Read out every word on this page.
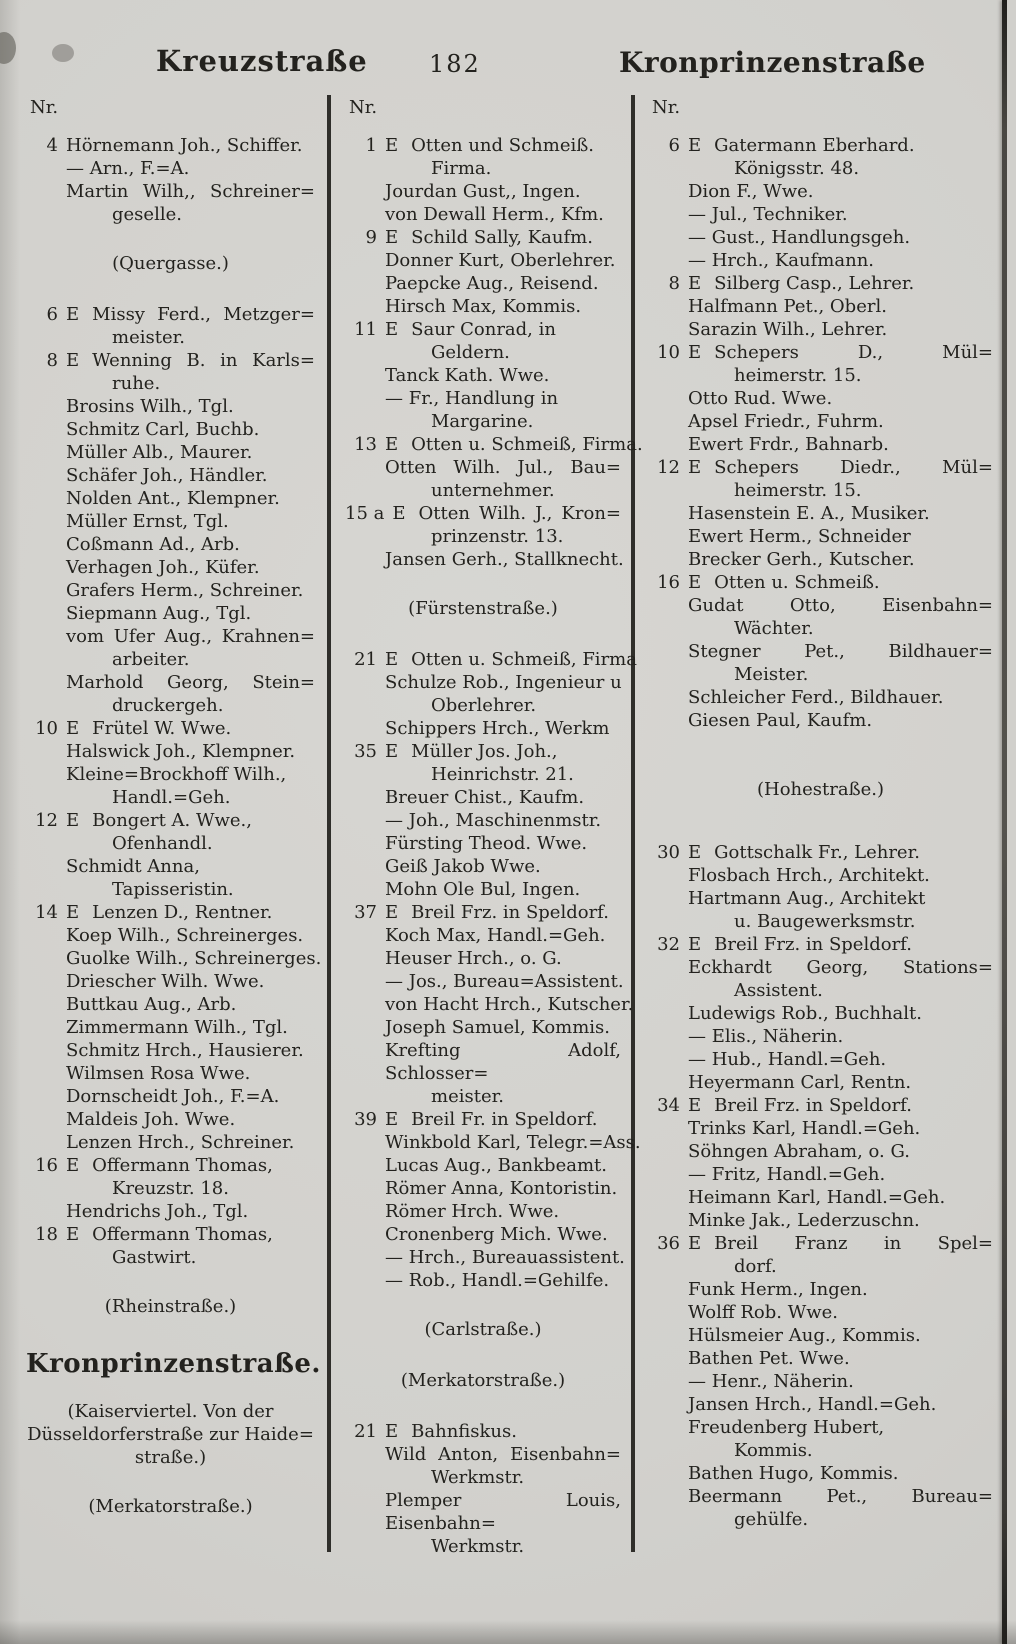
Kreuzstraße	182	Kronprinzenstraße
Nr.
4 Hörnemann Joh., Schiffer.
— Arn., F.=A.
Martin Wilh,, Schreiner=
geselle.
(Quergasse.)
6 E Missy Ferd., Metzger=
meister.
8 E Wenning B. in Karls=
ruhe.
Brosins Wilh., Tgl.
Schmitz Carl, Buchb.
Müller Alb., Maurer.
Schäfer Joh., Händler.
Nolden Ant., Klempner.
Müller Ernst, Tgl.
Coßmann Ad., Arb.
Verhagen Joh., Küfer.
Grafers Herm., Schreiner.
Siepmann Aug., Tgl.
vom Ufer Aug., Krahnen=
arbeiter.
Marhold Georg, Stein=
druckergeh.
10 E Frütel W. Wwe.
Halswick Joh., Klempner.
Kleine=Brockhoff Wilh.,
Handl.=Geh.
12 E Bongert A. Wwe.,
Ofenhandl.
Schmidt Anna,
Tapisseristin.
14 E Lenzen D., Rentner.
Koep Wilh., Schreinerges.
Guolke Wilh., Schreinerges.
Driescher Wilh. Wwe.
Buttkau Aug., Arb.
Zimmermann Wilh., Tgl.
Schmitz Hrch., Hausierer.
Wilmsen Rosa Wwe.
Dornscheidt Joh., F.=A.
Maldeis Joh. Wwe.
Lenzen Hrch., Schreiner.
16 E Offermann Thomas,
Kreuzstr. 18.
Hendrichs Joh., Tgl.
18 E Offermann Thomas,
Gastwirt.
(Rheinstraße.)
Kronprinzenstraße.
(Kaiserviertel. Von der
Düsseldorferstraße zur Haide=
straße.)
(Merkatorstraße.)
Nr.
1 E Otten und Schmeiß.
Firma.
Jourdan Gust,, Ingen.
von Dewall Herm., Kfm.
9 E Schild Sally, Kaufm.
Donner Kurt, Oberlehrer.
Paepcke Aug., Reisend.
Hirsch Max, Kommis.
11 E Saur Conrad, in
Geldern.
Tanck Kath. Wwe.
— Fr., Handlung in
Margarine.
13 E Otten u. Schmeiß, Firma.
Otten Wilh. Jul., Bau=
unternehmer.
15 a E Otten Wilh. J., Kron=
prinzenstr. 13.
Jansen Gerh., Stallknecht.
(Fürstenstraße.)
21 E Otten u. Schmeiß, Firma
Schulze Rob., Ingenieur u
Oberlehrer.
Schippers Hrch., Werkm
35 E Müller Jos. Joh.,
Heinrichstr. 21.
Breuer Chist., Kaufm.
— Joh., Maschinenmstr.
Fürsting Theod. Wwe.
Geiß Jakob Wwe.
Mohn Ole Bul, Ingen.
37 E Breil Frz. in Speldorf.
Koch Max, Handl.=Geh.
Heuser Hrch., o. G.
— Jos., Bureau=Assistent.
von Hacht Hrch., Kutscher.
Joseph Samuel, Kommis.
Krefting Adolf, Schlosser=
meister.
39 E Breil Fr. in Speldorf.
Winkbold Karl, Telegr.=Ass.
Lucas Aug., Bankbeamt.
Römer Anna, Kontoristin.
Römer Hrch. Wwe.
Cronenberg Mich. Wwe.
— Hrch., Bureauassistent.
— Rob., Handl.=Gehilfe.
(Carlstraße.)
(Merkatorstraße.)
21 E Bahnfiskus.
Wild Anton, Eisenbahn=
Werkmstr.
Plemper Louis, Eisenbahn=
Werkmstr.
Nr.
6 E Gatermann Eberhard.
Königsstr. 48.
Dion F., Wwe.
— Jul., Techniker.
— Gust., Handlungsgeh.
— Hrch., Kaufmann.
8 E Silberg Casp., Lehrer.
Halfmann Pet., Oberl.
Sarazin Wilh., Lehrer.
10 E Schepers D., Mül=
heimerstr. 15.
Otto Rud. Wwe.
Apsel Friedr., Fuhrm.
Ewert Frdr., Bahnarb.
12 E Schepers Diedr., Mül=
heimerstr. 15.
Hasenstein E. A., Musiker.
Ewert Herm., Schneider
Brecker Gerh., Kutscher.
16 E Otten u. Schmeiß.
Gudat Otto, Eisenbahn=
Wächter.
Stegner Pet., Bildhauer=
Meister.
Schleicher Ferd., Bildhauer.
Giesen Paul, Kaufm.
(Hohestraße.)
30 E Gottschalk Fr., Lehrer.
Flosbach Hrch., Architekt.
Hartmann Aug., Architekt
u. Baugewerksmstr.
32 E Breil Frz. in Speldorf.
Eckhardt Georg, Stations=
Assistent.
Ludewigs Rob., Buchhalt.
— Elis., Näherin.
— Hub., Handl.=Geh.
Heyermann Carl, Rentn.
34 E Breil Frz. in Speldorf.
Trinks Karl, Handl.=Geh.
Söhngen Abraham, o. G.
— Fritz, Handl.=Geh.
Heimann Karl, Handl.=Geh.
Minke Jak., Lederzuschn.
36 E Breil Franz in Spel=
dorf.
Funk Herm., Ingen.
Wolff Rob. Wwe.
Hülsmeier Aug., Kommis.
Bathen Pet. Wwe.
— Henr., Näherin.
Jansen Hrch., Handl.=Geh.
Freudenberg Hubert,
Kommis.
Bathen Hugo, Kommis.
Beermann Pet., Bureau=
gehülfe.
